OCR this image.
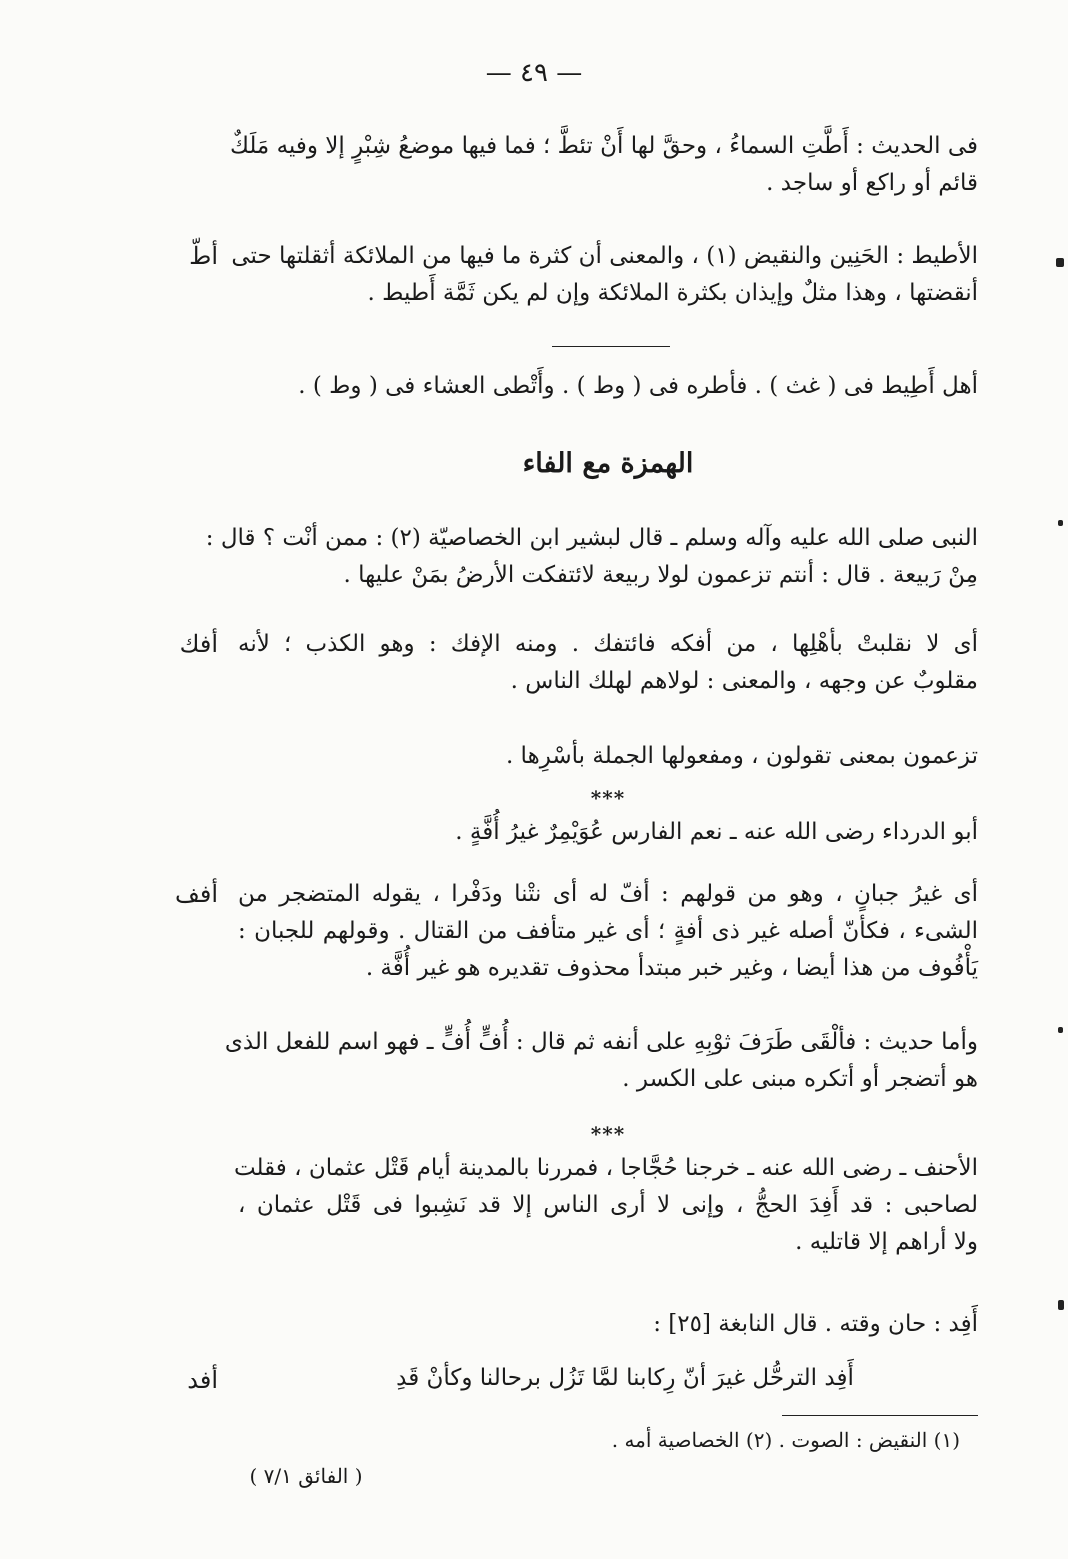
— ٤٩ —
فى الحديث : أَطَّتِ السماءُ ، وحقَّ لها أَنْ تئطَّ ؛ فما فيها موضعُ شِبْرٍ إلا وفيه مَلَكٌ
قائم أو راكع أو ساجد .
أطّ الأطيط : الحَنِين والنقيض (١) ، والمعنى أن كثرة ما فيها من الملائكة أثقلتها حتى
أنقضتها ، وهذا مثلٌ وإيذان بكثرة الملائكة وإن لم يكن ثَمَّة أَطيط .
أهل أَطِيط فى ( غث ) . فأطره فى ( وط ) . وأَتْطى العشاء فى ( وط ) .
الهمزة مع الفاء
النبى صلى الله عليه وآله وسلم ـ قال لبشير ابن الخصاصيّة (٢) : ممن أنْت ؟ قال :
مِنْ رَبيعة . قال : أنتم تزعمون لولا ربيعة لائتفكت الأرضُ بمَنْ عليها .
أفك أى لا نقلبتْ بأهْلِها ، من أفكه فائتفك . ومنه الإفك : وهو الكذب ؛ لأنه
مقلوبٌ عن وجهه ، والمعنى : لولاهم لهلك الناس .
تزعمون بمعنى تقولون ، ومفعولها الجملة بأسْرِها .
***
أبو الدرداء رضى الله عنه ـ نعم الفارس عُوَيْمِرٌ غيرُ أُفَّةٍ .
أفف أى غيرُ جبانٍ ، وهو من قولهم : أفّ له أى نتْنا ودَفْرا ، يقوله المتضجر من
الشىء ، فكأنّ أصله غير ذى أفةٍ ؛ أى غير متأفف من القتال . وقولهم للجبان :
يَأْفُوف من هذا أيضا ، وغير خبر مبتدأ محذوف تقديره هو غير أُفَّة .
وأما حديث : فألْقَى طَرَفَ ثوْبِهِ على أنفه ثم قال : أُفٍّ أُفٍّ ـ فهو اسم للفعل الذى
هو أتضجر أو أتكره مبنى على الكسر .
***
الأحنف ـ رضى الله عنه ـ خرجنا حُجَّاجا ، فمررنا بالمدينة أيام قَتْل عثمان ، فقلت
لصاحبى : قد أَفِدَ الحجُّ ، وإنى لا أرى الناس إلا قد نَشِبوا فى قَتْل عثمان ،
ولا أراهم إلا قاتليه .
أَفِد : حان وقته . قال النابغة [٢٥] :
أفد	أَفِد الترحُّل غيرَ أنّ رِكابنا لمَّا تَزُل برحالنا وكأنْ قَدِ
(١) النقيض : الصوت . (٢) الخصاصية أمه .
( الفائق ٧/١ )
